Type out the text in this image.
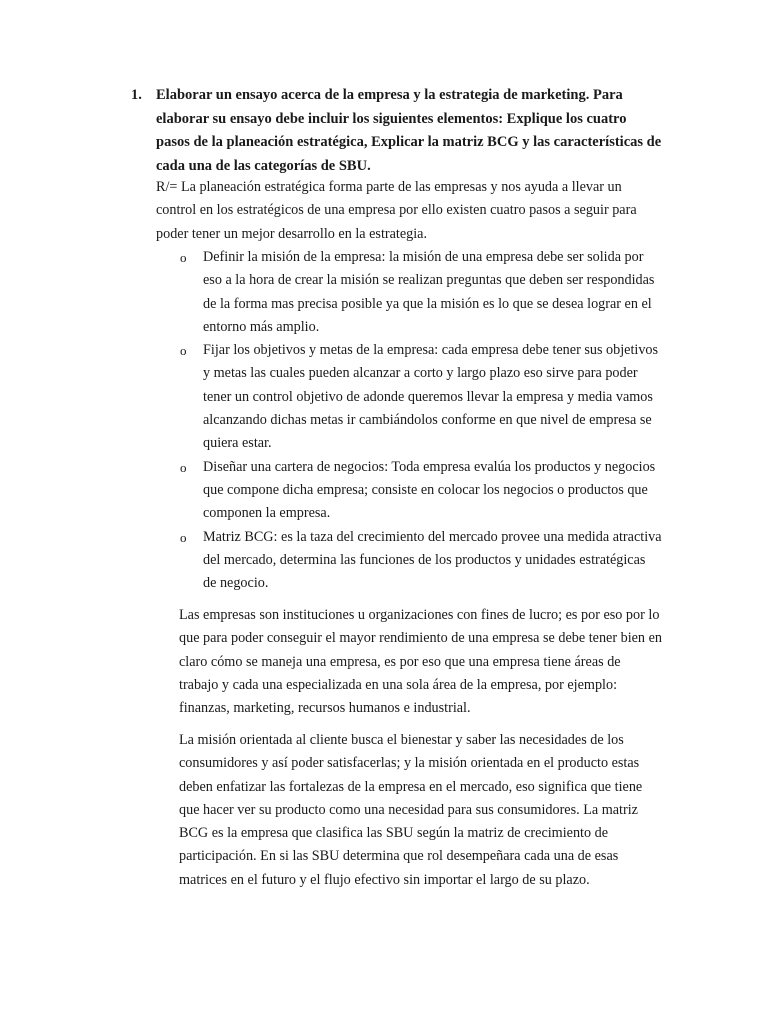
1. Elaborar un ensayo acerca de la empresa y la estrategia de marketing. Para elaborar su ensayo debe incluir los siguientes elementos: Explique los cuatro pasos de la planeación estratégica, Explicar la matriz BCG y las características de cada una de las categorías de SBU.
R/= La planeación estratégica forma parte de las empresas y nos ayuda a llevar un control en los estratégicos de una empresa por ello existen cuatro pasos a seguir para poder tener un mejor desarrollo en la estrategia.
o Definir la misión de la empresa: la misión de una empresa debe ser solida por eso a la hora de crear la misión se realizan preguntas que deben ser respondidas de la forma mas precisa posible ya que la misión es lo que se desea lograr en el entorno más amplio.
o Fijar los objetivos y metas de la empresa: cada empresa debe tener sus objetivos y metas las cuales pueden alcanzar a corto y largo plazo eso sirve para poder tener un control objetivo de adonde queremos llevar la empresa y media vamos alcanzando dichas metas ir cambiándolos conforme en que nivel de empresa se quiera estar.
o Diseñar una cartera de negocios: Toda empresa evalúa los productos y negocios que compone dicha empresa; consiste en colocar los negocios o productos que componen la empresa.
o Matriz BCG: es la taza del crecimiento del mercado provee una medida atractiva del mercado, determina las funciones de los productos y unidades estratégicas de negocio.

Las empresas son instituciones u organizaciones con fines de lucro; es por eso por lo que para poder conseguir el mayor rendimiento de una empresa se debe tener bien en claro cómo se maneja una empresa, es por eso que una empresa tiene áreas de trabajo y cada una especializada en una sola área de la empresa, por ejemplo: finanzas, marketing, recursos humanos e industrial.

La misión orientada al cliente busca el bienestar y saber las necesidades de los consumidores y así poder satisfacerlas; y la misión orientada en el producto estas deben enfatizar las fortalezas de la empresa en el mercado, eso significa que tiene que hacer ver su producto como una necesidad para sus consumidores. La matriz BCG es la empresa que clasifica las SBU según la matriz de crecimiento de participación. En si las SBU determina que rol desempeñara cada una de esas matrices en el futuro y el flujo efectivo sin importar el largo de su plazo.
